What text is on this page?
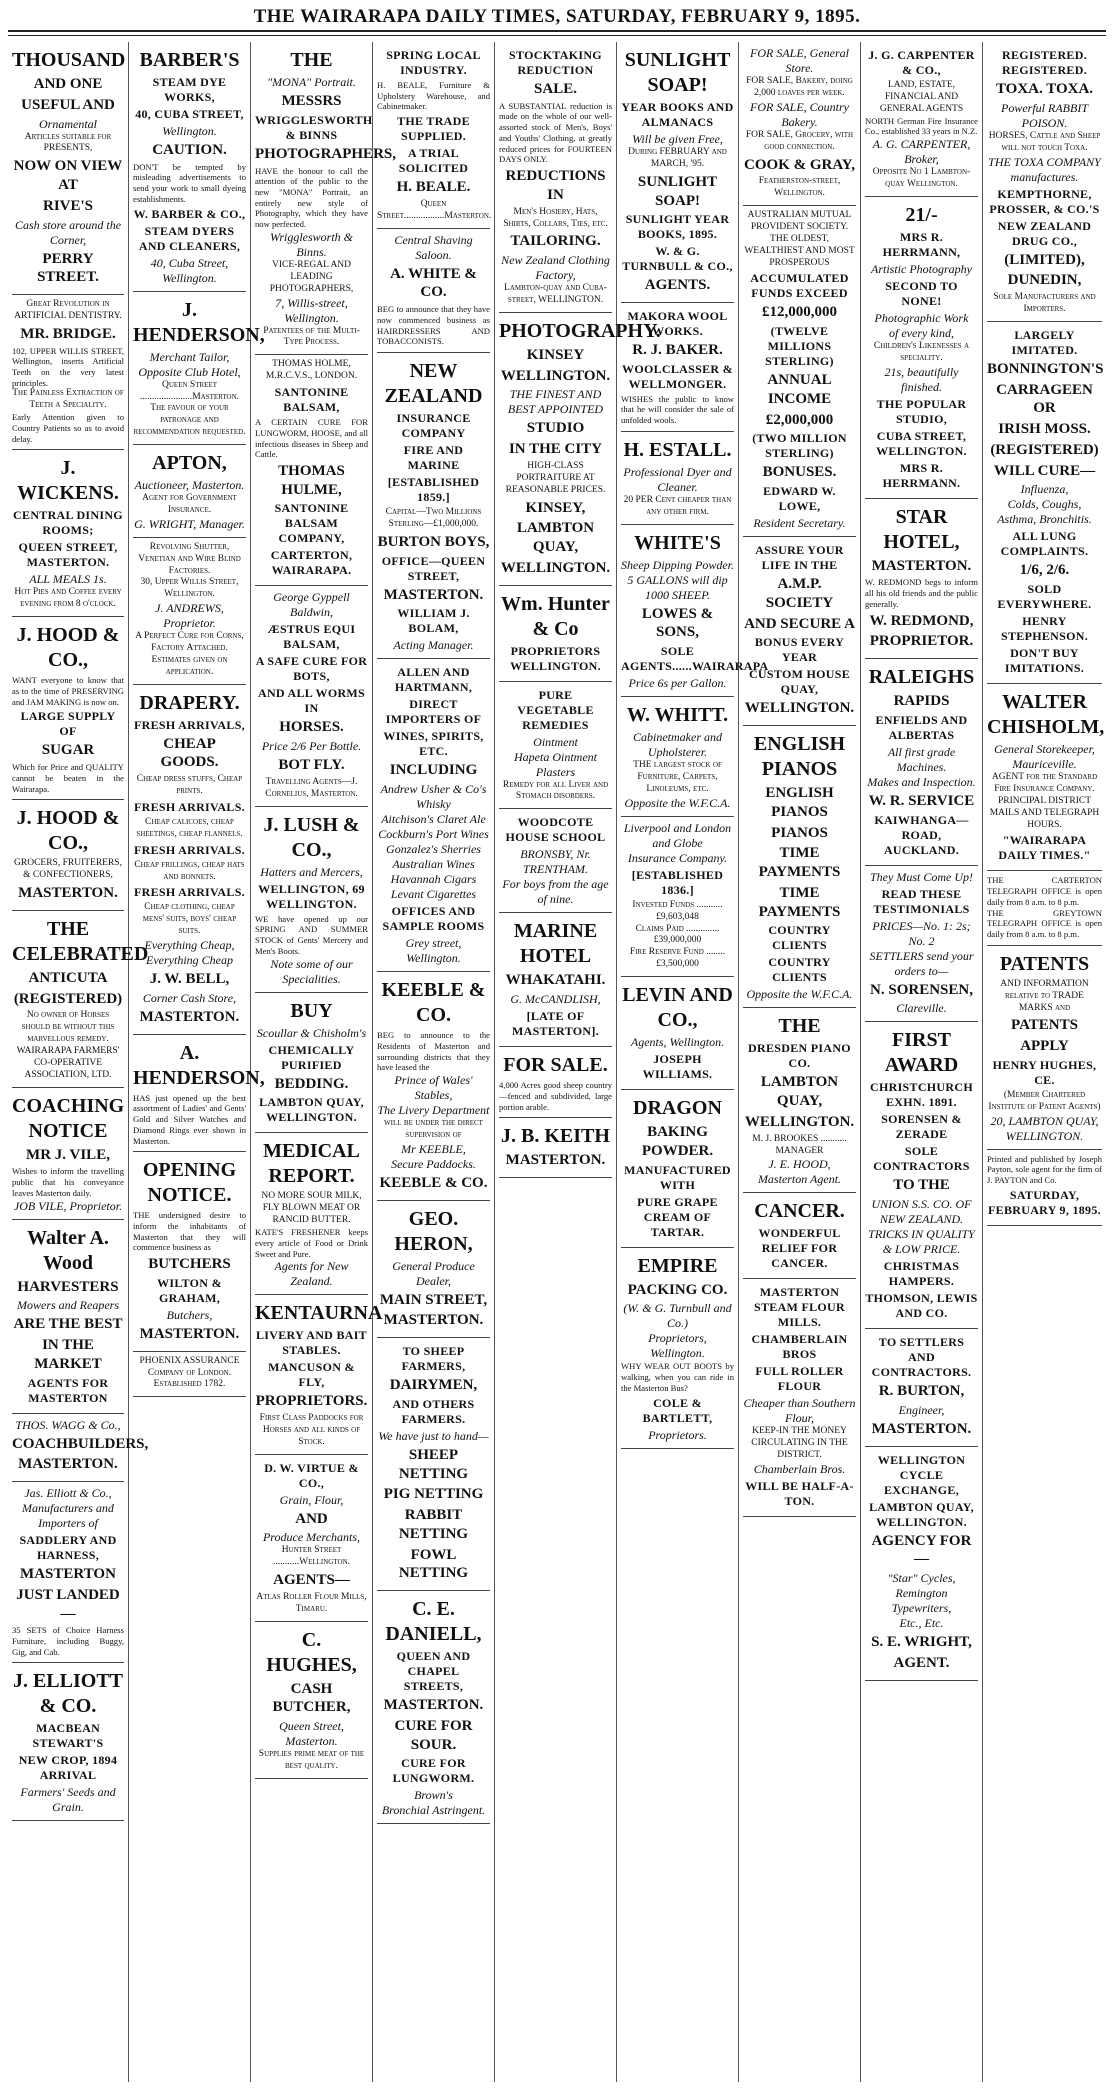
THE WAIRARAPA DAILY TIMES, SATURDAY, FEBRUARY 9, 1895.
THOUSAND
AND ONE
USEFUL AND
Ornamental
Articles suitable for PRESENTS,
NOW ON VIEW AT
RIVE'S
Cash store around the Corner,
PERRY STREET.
Great Revolution in ARTIFICIAL DENTISTRY.
MR. BRIDGE.
102, UPPER WILLIS STREET, Wellington, inserts Artificial Teeth on the very latest principles.
The Painless Extraction of Teeth a Speciality.
Early Attention given to Country Patients so as to avoid delay.
J. WICKENS.
CENTRAL DINING ROOMS;
QUEEN STREET, MASTERTON.
ALL MEALS 1s.
Hot Pies and Coffee every evening from 8 o'clock.
J. HOOD & CO.,
WANT everyone to know that as to the time of PRESERVING and JAM MAKING is now on.
LARGE SUPPLY OF
SUGAR
Which for Price and QUALITY cannot be beaten in the Wairarapa.
J. HOOD & CO.,
GROCERS, FRUITERERS, & CONFECTIONERS,
MASTERTON.
THE CELEBRATED
ANTICUTA
(REGISTERED)
No owner of Horses should be without this marvellous remedy.
WAIRARAPA FARMERS' CO-OPERATIVE ASSOCIATION, LTD.
COACHING NOTICE
MR J. VILE,
Wishes to inform the travelling public that his conveyance leaves Masterton daily.
JOB VILE, Proprietor.
Walter A. Wood
HARVESTERS
Mowers and Reapers
ARE THE BEST
IN THE MARKET
AGENTS FOR MASTERTON
THOS. WAGG & Co.,
COACHBUILDERS,
MASTERTON.
Jas. Elliott & Co.,
Manufacturers and Importers of
SADDLERY AND HARNESS,
MASTERTON
JUST LANDED—
35 SETS of Choice Harness Furniture, including Buggy, Gig, and Cab.
J. ELLIOTT & CO.
MACBEAN STEWART'S
NEW CROP, 1894 ARRIVAL
Farmers' Seeds and Grain.
BARBER'S
STEAM DYE WORKS,
40, CUBA STREET,
Wellington.
CAUTION.
DON'T be tempted by misleading advertisements to send your work to small dyeing establishments.
W. BARBER & CO.,
STEAM DYERS AND CLEANERS,
40, Cuba Street, Wellington.
J. HENDERSON,
Merchant Tailor,
Opposite Club Hotel,
Queen Street ......................Masterton.
The favour of your patronage and recommendation requested.
APTON,
Auctioneer, Masterton.
Agent for Government Insurance.
G. WRIGHT, Manager.
Revolving Shutter, Venetian and Wire Blind Factories.
30, Upper Willis Street, Wellington.
J. ANDREWS, Proprietor.
A Perfect Cure for Corns, Factory Attached.
Estimates given on application.
DRAPERY.
FRESH ARRIVALS,
CHEAP GOODS.
Cheap dress stuffs, Cheap prints.
FRESH ARRIVALS.
Cheap calicoes, cheap sheetings, cheap flannels.
FRESH ARRIVALS.
Cheap frillings, cheap hats and bonnets.
FRESH ARRIVALS.
Cheap clothing, cheap mens' suits, boys' cheap suits.
Everything Cheap,
Everything Cheap
J. W. BELL,
Corner Cash Store,
MASTERTON.
A. HENDERSON,
HAS just opened up the best assortment of Ladies' and Gents' Gold and Silver Watches and Diamond Rings ever shown in Masterton.
OPENING NOTICE.
THE undersigned desire to inform the inhabitants of Masterton that they will commence business as
BUTCHERS
WILTON & GRAHAM,
Butchers,
MASTERTON.
PHOENIX ASSURANCE Company of London. Established 1782.
THE
"MONA" Portrait.
MESSRS
WRIGGLESWORTH & BINNS
PHOTOGRAPHERS,
HAVE the honour to call the attention of the public to the new "MONA" Portrait, an entirely new style of Photography, which they have now perfected.
Wrigglesworth & Binns.
VICE-REGAL AND LEADING PHOTOGRAPHERS,
7, Willis-street, Wellington.
Patentees of the Multi-Type Process.
THOMAS HOLME, M.R.C.V.S., LONDON.
SANTONINE BALSAM,
A CERTAIN CURE FOR LUNGWORM, HOOSE, and all infectious diseases in Sheep and Cattle.
THOMAS HULME,
SANTONINE BALSAM COMPANY,
CARTERTON, WAIRARAPA.
George Gyppell Baldwin,
ÆSTRUS EQUI BALSAM,
A SAFE CURE FOR BOTS,
AND ALL WORMS IN
HORSES.
Price 2/6 Per Bottle.
BOT FLY.
Travelling Agents—J. Cornelius, Masterton.
J. LUSH & CO.,
Hatters and Mercers,
WELLINGTON, 69 WELLINGTON.
WE have opened up our SPRING AND SUMMER STOCK of Gents' Mercery and Men's Boots.
Note some of our Specialities.
BUY
Scoullar & Chisholm's
CHEMICALLY PURIFIED
BEDDING.
LAMBTON QUAY, WELLINGTON.
MEDICAL REPORT.
NO MORE SOUR MILK, FLY BLOWN MEAT OR RANCID BUTTER.
KATE'S FRESHENER keeps every article of Food or Drink Sweet and Pure.
Agents for New Zealand.
KENTAURNA
LIVERY AND BAIT STABLES.
MANCUSON & FLY,
PROPRIETORS.
First Class Paddocks for Horses and all kinds of Stock.
D. W. VIRTUE & CO.,
Grain, Flour,
AND
Produce Merchants,
Hunter Street ...........Wellington.
AGENTS—
Atlas Roller Flour Mills, Timaru.
C. HUGHES,
CASH BUTCHER,
Queen Street, Masterton.
Supplies prime meat of the best quality.
SPRING LOCAL INDUSTRY.
H. BEALE, Furniture & Upholstery Warehouse, and Cabinetmaker.
THE TRADE SUPPLIED.
A TRIAL SOLICITED
H. BEALE.
Queen Street.................Masterton.
Central Shaving Saloon.
A. WHITE & CO.
BEG to announce that they have now commenced business as HAIRDRESSERS AND TOBACCONISTS.
NEW ZEALAND
INSURANCE COMPANY
FIRE AND MARINE
[ESTABLISHED 1859.]
Capital—Two Millions Sterling—£1,000,000.
BURTON BOYS,
OFFICE—QUEEN STREET,
MASTERTON.
WILLIAM J. BOLAM,
Acting Manager.
ALLEN AND HARTMANN,
DIRECT IMPORTERS OF
WINES, SPIRITS, ETC.
INCLUDING
Andrew Usher & Co's Whisky
Aitchison's Claret Ale
Cockburn's Port Wines
Gonzalez's Sherries
Australian Wines
Havannah Cigars
Levant Cigarettes
OFFICES AND SAMPLE ROOMS
Grey street, Wellington.
KEEBLE & CO.
BEG to announce to the Residents of Masterton and surrounding districts that they have leased the
Prince of Wales' Stables,
The Livery Department
will be under the direct supervision of
Mr KEEBLE,
Secure Paddocks.
KEEBLE & CO.
GEO. HERON,
General Produce Dealer,
MAIN STREET,
MASTERTON.
TO SHEEP FARMERS,
DAIRYMEN,
AND OTHERS FARMERS.
We have just to hand—
SHEEP NETTING
PIG NETTING
RABBIT NETTING
FOWL NETTING
C. E. DANIELL,
QUEEN AND CHAPEL STREETS,
MASTERTON.
CURE FOR SOUR.
CURE FOR LUNGWORM.
Brown's
Bronchial Astringent.
STOCKTAKING REDUCTION
SALE.
A SUBSTANTIAL reduction is made on the whole of our well-assorted stock of Men's, Boys' and Youths' Clothing, at greatly reduced prices for FOURTEEN DAYS ONLY.
REDUCTIONS IN
Men's Hosiery, Hats, Shirts, Collars, Ties, etc.
TAILORING.
New Zealand Clothing Factory,
Lambton-quay and Cuba-street, WELLINGTON.
PHOTOGRAPHY.
KINSEY
WELLINGTON.
THE FINEST AND BEST APPOINTED
STUDIO
IN THE CITY
HIGH-CLASS PORTRAITURE AT REASONABLE PRICES.
KINSEY,
LAMBTON QUAY,
WELLINGTON.
Wm. Hunter & Co
PROPRIETORS WELLINGTON.
PURE VEGETABLE REMEDIES
Ointment
Hapeta Ointment
Plasters
Remedy for all Liver and Stomach disorders.
WOODCOTE HOUSE SCHOOL
BRONSBY, Nr. TRENTHAM.
For boys from the age of nine.
MARINE HOTEL
WHAKATAHI.
G. McCANDLISH,
[LATE OF MASTERTON].
FOR SALE.
4,000 Acres good sheep country—fenced and subdivided, large portion arable.
J. B. KEITH
MASTERTON.
SUNLIGHT SOAP!
YEAR BOOKS AND ALMANACS
Will be given Free,
During FEBRUARY and MARCH, '95.
SUNLIGHT SOAP!
SUNLIGHT YEAR BOOKS, 1895.
W. & G. TURNBULL & CO.,
AGENTS.
MAKORA WOOL WORKS.
R. J. BAKER.
WOOLCLASSER & WELLMONGER.
WISHES the public to know that he will consider the sale of unfolded wools.
H. ESTALL.
Professional Dyer and Cleaner.
20 PER Cent cheaper than any other firm.
WHITE'S
Sheep Dipping Powder.
5 GALLONS will dip 1000 SHEEP.
LOWES & SONS,
SOLE AGENTS......WAIRARAPA
Price 6s per Gallon.
W. WHITT.
Cabinetmaker and Upholsterer.
THE largest stock of Furniture, Carpets, Linoleums, etc.
Opposite the W.F.C.A.
Liverpool and London and Globe
Insurance Company.
[ESTABLISHED 1836.]
Invested Funds ........... £9,603,048
Claims Paid .............. £39,000,000
Fire Reserve Fund ........ £3,500,000
LEVIN AND CO.,
Agents, Wellington.
JOSEPH WILLIAMS.
DRAGON
BAKING POWDER.
MANUFACTURED WITH
PURE GRAPE CREAM OF TARTAR.
EMPIRE
PACKING CO.
(W. & G. Turnbull and Co.)
Proprietors, Wellington.
WHY WEAR OUT BOOTS by walking, when you can ride in the Masterton Bus?
COLE & BARTLETT,
Proprietors.
FOR SALE, General Store.
FOR SALE, Bakery, doing 2,000 loaves per week.
FOR SALE, Country Bakery.
FOR SALE, Grocery, with good connection.
COOK & GRAY,
Featherston-street, Wellington.
AUSTRALIAN MUTUAL PROVIDENT SOCIETY.
THE OLDEST, WEALTHIEST AND MOST PROSPEROUS
ACCUMULATED FUNDS EXCEED
£12,000,000
(TWELVE MILLIONS STERLING)
ANNUAL INCOME
£2,000,000
(TWO MILLION STERLING)
BONUSES.
EDWARD W. LOWE,
Resident Secretary.
ASSURE YOUR LIFE IN THE
A.M.P. SOCIETY
AND SECURE A
BONUS EVERY YEAR
CUSTOM HOUSE QUAY,
WELLINGTON.
ENGLISH PIANOS
ENGLISH PIANOS
PIANOS
TIME PAYMENTS
TIME PAYMENTS
COUNTRY CLIENTS
COUNTRY CLIENTS
Opposite the W.F.C.A.
THE
DRESDEN PIANO CO.
LAMBTON QUAY,
WELLINGTON.
M. J. BROOKES ........... MANAGER
J. E. HOOD, Masterton Agent.
CANCER.
WONDERFUL RELIEF FOR CANCER.
MASTERTON STEAM FLOUR MILLS.
CHAMBERLAIN BROS
FULL ROLLER FLOUR
Cheaper than Southern Flour,
KEEP-IN THE MONEY CIRCULATING IN THE DISTRICT.
Chamberlain Bros.
WILL BE HALF-A-TON.
J. G. CARPENTER & CO.,
LAND, ESTATE, FINANCIAL AND GENERAL AGENTS
NORTH German Fire Insurance Co., established 33 years in N.Z.
A. G. CARPENTER, Broker,
Opposite No 1 Lambton-quay Wellington.
21/-
MRS R. HERRMANN,
Artistic Photography
SECOND TO NONE!
Photographic Work
of every kind,
Children's Likenesses a speciality.
21s, beautifully finished.
THE POPULAR STUDIO,
CUBA STREET, WELLINGTON.
MRS R. HERRMANN.
STAR HOTEL,
MASTERTON.
W. REDMOND begs to inform all his old friends and the public generally.
W. REDMOND,
PROPRIETOR.
RALEIGHS
RAPIDS
ENFIELDS AND ALBERTAS
All first grade Machines.
Makes and Inspection.
W. R. SERVICE
KAIWHANGA—ROAD, AUCKLAND.
They Must Come Up!
READ THESE TESTIMONIALS
PRICES—No. 1: 2s; No. 2
SETTLERS send your orders to—
N. SORENSEN,
Clareville.
FIRST AWARD
CHRISTCHURCH EXHN. 1891.
SORENSEN & ZERADE
SOLE CONTRACTORS
TO THE
UNION S.S. CO. OF NEW ZEALAND.
TRICKS IN QUALITY & LOW PRICE.
CHRISTMAS HAMPERS.
THOMSON, LEWIS AND CO.
TO SETTLERS AND CONTRACTORS.
R. BURTON,
Engineer,
MASTERTON.
WELLINGTON CYCLE EXCHANGE,
LAMBTON QUAY, WELLINGTON.
AGENCY FOR—
"Star" Cycles,
Remington Typewriters,
Etc., Etc.
S. E. WRIGHT,
AGENT.
REGISTERED. REGISTERED.
TOXA. TOXA.
Powerful RABBIT POISON.
HORSES, Cattle and Sheep will not touch Toxa.
THE TOXA COMPANY manufactures.
KEMPTHORNE, PROSSER, & CO.'S
NEW ZEALAND DRUG CO.,
(LIMITED),
DUNEDIN,
Sole Manufacturers and Importers.
LARGELY IMITATED.
BONNINGTON'S
CARRAGEEN OR
IRISH MOSS.
(REGISTERED)
WILL CURE—
Influenza,
Colds, Coughs,
Asthma, Bronchitis.
ALL LUNG COMPLAINTS.
1/6, 2/6.
SOLD EVERYWHERE.
HENRY STEPHENSON.
DON'T BUY IMITATIONS.
WALTER CHISHOLM,
General Storekeeper,
Mauriceville.
AGENT for the Standard Fire Insurance Company.
PRINCIPAL DISTRICT MAILS AND TELEGRAPH HOURS.
"WAIRARAPA DAILY TIMES."
THE CARTERTON TELEGRAPH OFFICE is open daily from 8 a.m. to 8 p.m.
THE GREYTOWN TELEGRAPH OFFICE is open daily from 8 a.m. to 8 p.m.
PATENTS
AND INFORMATION relative to TRADE MARKS and
PATENTS
APPLY
HENRY HUGHES, CE.
(Member Chartered Institute of Patent Agents)
20, LAMBTON QUAY, WELLINGTON.
Printed and published by Joseph Payton, sole agent for the firm of J. PAYTON and Co.
SATURDAY, FEBRUARY 9, 1895.
